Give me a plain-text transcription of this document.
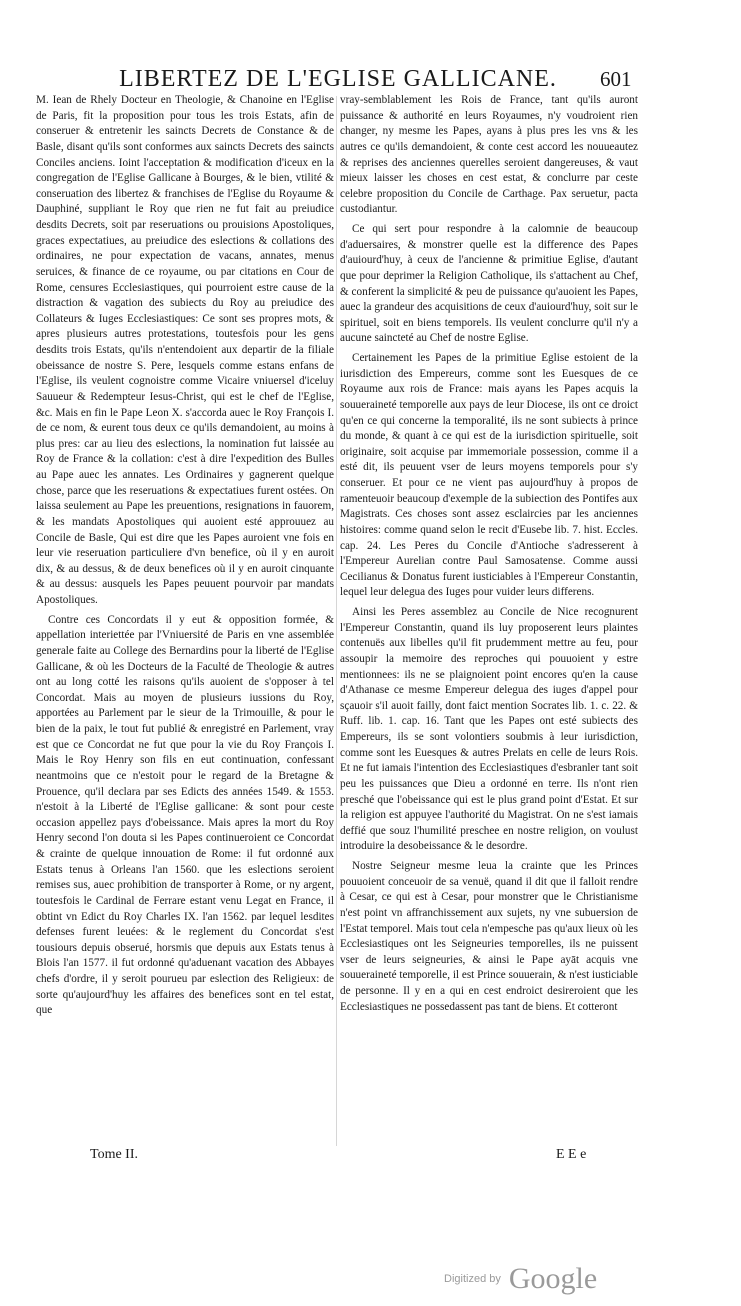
LIBERTEZ DE L'EGLISE GALLICANE. 601

M. Iean de Rhely Docteur en Theologie, & Chanoine en l'Eglise de Paris, fit la proposition pour tous les trois Estats, afin de conseruer & entretenir les saincts Decrets de Constance & de Basle, disant qu'ils sont conformes aux saincts Decrets des saincts Conciles anciens. Ioint l'acceptation & modification d'iceux en la congregation de l'Eglise Gallicane à Bourges, & le bien, vtilité & conseruation des libertez & franchises de l'Eglise du Royaume & Dauphiné, suppliant le Roy que rien ne fut fait au preiudice desdits Decrets, soit par reseruations ou prouisions Apostoliques, graces expectatiues, au preiudice des eslections & collations des ordinaires, ne pour expectation de vacans, annates, menus seruices, & finance de ce royaume, ou par citations en Cour de Rome, censures Ecclesiastiques, qui pourroient estre cause de la distraction & vagation des subiects du Roy au preiudice des Collateurs & Iuges Ecclesiastiques: Ce sont ses propres mots, & apres plusieurs autres protestations, toutesfois pour les gens desdits trois Estats, qu'ils n'entendoient aux departir de la filiale obeissance de nostre S. Pere, lesquels comme estans enfans de l'Eglise, ils veulent cognoistre comme Vicaire vniuersel d'iceluy Sauueur & Redempteur Iesus-Christ, qui est le chef de l'Eglise, &c. Mais en fin le Pape Leon X. s'accorda auec le Roy François I. de ce nom, & eurent tous deux ce qu'ils demandoient, au moins à plus pres: car au lieu des eslections, la nomination fut laissée au Roy de France & la collation: c'est à dire l'expedition des Bulles au Pape auec les annates. Les Ordinaires y gagnerent quelque chose, parce que les reseruations & expectatiues furent ostées. On laissa seulement au Pape les preuentions, resignations in fauorem, & les mandats Apostoliques qui auoient esté approuuez au Concile de Basle, Qui est dire que les Papes auroient vne fois en leur vie reseruation particuliere d'vn benefice, où il y en auroit dix, & au dessus, & de deux benefices où il y en auroit cinquante & au dessus: ausquels les Papes peuuent pourvoir par mandats Apostoliques.

Contre ces Concordats il y eut & opposition formée, & appellation interiettée par l'Vniuersité de Paris en vne assemblée generale faite au College des Bernardins pour la liberté de l'Eglise Gallicane, & où les Docteurs de la Faculté de Theologie & autres ont au long cotté les raisons qu'ils auoient de s'opposer à tel Concordat. Mais au moyen de plusieurs iussions du Roy, apportées au Parlement par le sieur de la Trimouille, & pour le bien de la paix, le tout fut publié & enregistré en Parlement, vray est que ce Concordat ne fut que pour la vie du Roy François I. Mais le Roy Henry son fils en eut continuation, confessant neantmoins que ce n'estoit pour le regard de la Bretagne & Prouence, qu'il declara par ses Edicts des années 1549. & 1553. n'estoit à la Liberté de l'Eglise gallicane: & sont pour ceste occasion appellez pays d'obeissance. Mais apres la mort du Roy Henry second l'on douta si les Papes continueroient ce Concordat & crainte de quelque innouation de Rome: il fut ordonné aux Estats tenus à Orleans l'an 1560. que les eslections seroient remises sus, auec prohibition de transporter à Rome, or ny argent, toutesfois le Cardinal de Ferrare estant venu Legat en France, il obtint vn Edict du Roy Charles IX. l'an 1562. par lequel lesdites defenses furent leuées: & le reglement du Concordat s'est tousiours depuis obserué, horsmis que depuis aux Estats tenus à Blois l'an 1577. il fut ordonné qu'aduenant vacation des Abbayes chefs d'ordre, il y seroit pourueu par eslection des Religieux: de sorte qu'aujourd'huy les affaires des benefices sont en tel estat, que

vray-semblablement les Rois de France, tant qu'ils auront puissance & authorité en leurs Royaumes, n'y voudroient rien changer, ny mesme les Papes, ayans à plus pres les vns & les autres ce qu'ils demandoient, & conte cest accord les nouueautez & reprises des anciennes querelles seroient dangereuses, & vaut mieux laisser les choses en cest estat, & conclurre par ceste celebre proposition du Concile de Carthage. Pax seruetur, pacta custodiantur.

Ce qui sert pour respondre à la calomnie de beaucoup d'aduersaires, & monstrer quelle est la difference des Papes d'auiourd'huy, à ceux de l'ancienne & primitiue Eglise, d'autant que pour deprimer la Religion Catholique, ils s'attachent au Chef, & conferent la simplicité & peu de puissance qu'auoient les Papes, auec la grandeur des acquisitions de ceux d'auiourd'huy, soit sur le spirituel, soit en biens temporels. Ils veulent conclurre qu'il n'y a aucune saincteté au Chef de nostre Eglise.

Certainement les Papes de la primitiue Eglise estoient de la iurisdiction des Empereurs, comme sont les Euesques de ce Royaume aux rois de France: mais ayans les Papes acquis la souueraineté temporelle aux pays de leur Diocese, ils ont ce droict qu'en ce qui concerne la temporalité, ils ne sont subiects à prince du monde, & quant à ce qui est de la iurisdiction spirituelle, soit originaire, soit acquise par immemoriale possession, comme il a esté dit, ils peuuent vser de leurs moyens temporels pour s'y conseruer. Et pour ce ne vient pas aujourd'huy à propos de ramenteuoir beaucoup d'exemple de la subiection des Pontifes aux Magistrats. Ces choses sont assez esclaircies par les anciennes histoires: comme quand selon le recit d'Eusebe lib. 7. hist. Eccles. cap. 24. Les Peres du Concile d'Antioche s'adresserent à l'Empereur Aurelian contre Paul Samosatense. Comme aussi Cecilianus & Donatus furent iusticiables à l'Empereur Constantin, lequel leur delegua des Iuges pour vuider leurs differens.

Ainsi les Peres assemblez au Concile de Nice recognurent l'Empereur Constantin, quand ils luy proposerent leurs plaintes contenuës aux libelles qu'il fit prudemment mettre au feu, pour assoupir la memoire des reproches qui pouuoient y estre mentionnees: ils ne se plaignoient point encores qu'en la cause d'Athanase ce mesme Empereur delegua des iuges d'appel pour sçauoir s'il auoit failly, dont faict mention Socrates lib. 1. c. 22. & Ruff. lib. 1. cap. 16. Tant que les Papes ont esté subiects des Empereurs, ils se sont volontiers soubmis à leur iurisdiction, comme sont les Euesques & autres Prelats en celle de leurs Rois. Et ne fut iamais l'intention des Ecclesiastiques d'esbranler tant soit peu les puissances que Dieu a ordonné en terre. Ils n'ont rien presché que l'obeissance qui est le plus grand point d'Estat. Et sur la religion est appuyee l'authorité du Magistrat. On ne s'est iamais deffié que souz l'humilité preschee en nostre religion, on voulust introduire la desobeissance & le desordre.

Nostre Seigneur mesme leua la crainte que les Princes pouuoient conceuoir de sa venuë, quand il dit que il falloit rendre à Cesar, ce qui est à Cesar, pour monstrer que le Christianisme n'est point vn affranchissement aux sujets, ny vne subuersion de l'Estat temporel. Mais tout cela n'empesche pas qu'aux lieux où les Ecclesiastiques ont les Seigneuries temporelles, ils ne puissent vser de leurs seigneuries, & ainsi le Pape ayāt acquis vne souueraineté temporelle, il est Prince souuerain, & n'est iusticiable de personne. Il y en a qui en cest endroict desireroient que les Ecclesiastiques ne possedassent pas tant de biens. Et cotteront

Tome II.	E E e
Digitized by Google
